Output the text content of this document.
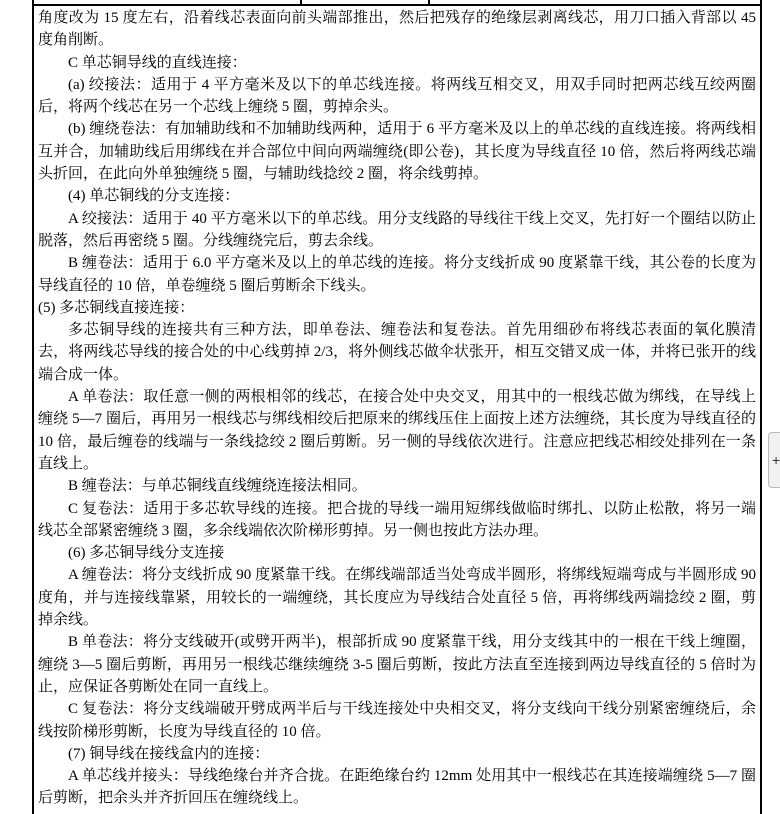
角度改为 15 度左右，沿着线芯表面向前头端部推出，然后把残存的绝缘层剥离线芯，用刀口插入背部以 45 度角削断。

C 单芯铜导线的直线连接：

(a) 绞接法：适用于 4 平方毫米及以下的单芯线连接。将两线互相交叉，用双手同时把两芯线互绞两圈后，将两个线芯在另一个芯线上缠绕 5 圈，剪掉余头。

(b) 缠绕卷法：有加辅助线和不加辅助线两种，适用于 6 平方毫米及以上的单芯线的直线连接。将两线相互并合，加辅助线后用绑线在并合部位中间向两端缠绕(即公卷)，其长度为导线直径 10 倍，然后将两线芯端头折回，在此向外单独缠绕 5 圈，与辅助线捻绞 2 圈，将余线剪掉。

(4) 单芯铜线的分支连接：

A 绞接法：适用于 40 平方毫米以下的单芯线。用分支线路的导线往干线上交叉，先打好一个圈结以防止脱落，然后再密绕 5 圈。分线缠绕完后，剪去余线。

B 缠卷法：适用于 6.0 平方毫米及以上的单芯线的连接。将分支线折成 90 度紧靠干线，其公卷的长度为导线直径的 10 倍，单卷缠绕 5 圈后剪断余下线头。

(5) 多芯铜线直接连接：

多芯铜导线的连接共有三种方法，即单卷法、缠卷法和复卷法。首先用细砂布将线芯表面的氧化膜清去，将两线芯导线的接合处的中心线剪掉 2/3，将外侧线芯做伞状张开，相互交错叉成一体，并将已张开的线端合成一体。

A 单卷法：取任意一侧的两根相邻的线芯，在接合处中央交叉，用其中的一根线芯做为绑线，在导线上缠绕 5—7 圈后，再用另一根线芯与绑线相绞后把原来的绑线压住上面按上述方法缠绕，其长度为导线直径的 10 倍，最后缠卷的线端与一条线捻绞 2 圈后剪断。另一侧的导线依次进行。注意应把线芯相绞处排列在一条直线上。

B 缠卷法：与单芯铜线直线缠绕连接法相同。

C 复卷法：适用于多芯软导线的连接。把合拢的导线一端用短绑线做临时绑扎、以防止松散，将另一端线芯全部紧密缠绕 3 圈，多余线端依次阶梯形剪掉。另一侧也按此方法办理。

(6) 多芯铜导线分支连接

A 缠卷法：将分支线折成 90 度紧靠干线。在绑线端部适当处弯成半圆形，将绑线短端弯成与半圆形成 90 度角，并与连接线靠紧，用较长的一端缠绕，其长度应为导线结合处直径 5 倍，再将绑线两端捻绞 2 圈，剪掉余线。

B 单卷法：将分支线破开(或劈开两半)，根部折成 90 度紧靠干线，用分支线其中的一根在干线上缠圈，缠绕 3—5 圈后剪断，再用另一根线芯继续缠绕 3-5 圈后剪断，按此方法直至连接到两边导线直径的 5 倍时为止，应保证各剪断处在同一直线上。

C 复卷法：将分支线端破开劈成两半后与干线连接处中央相交叉，将分支线向干线分别紧密缠绕后，余线按阶梯形剪断，长度为导线直径的 10 倍。

(7) 铜导线在接线盒内的连接：

A 单芯线并接头：导线绝缘台并齐合拢。在距绝缘台约 12mm 处用其中一根线芯在其连接端缠绕 5—7 圈后剪断，把余头并齐折回压在缠绕线上。

+
